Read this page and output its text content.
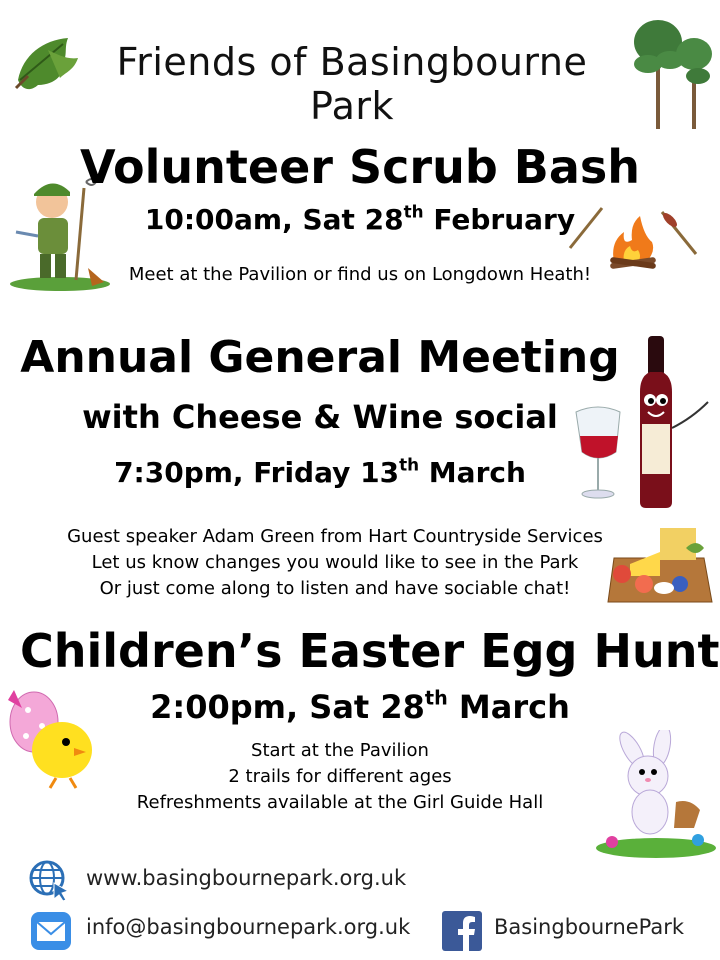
Friends of Basingbourne Park
Volunteer Scrub Bash
10:00am, Sat 28th February
Meet at the Pavilion or find us on Longdown Heath!
Annual General Meeting
with Cheese & Wine social
7:30pm, Friday 13th March
Guest speaker Adam Green from Hart Countryside Services
Let us know changes you would like to see in the Park
Or just come along to listen and have sociable chat!
Children’s Easter Egg Hunt
2:00pm, Sat 28th March
Start at the Pavilion
2 trails for different ages
Refreshments available at the Girl Guide Hall
www.basingbournepark.org.uk
info@basingbournepark.org.uk	BasingbournePark
